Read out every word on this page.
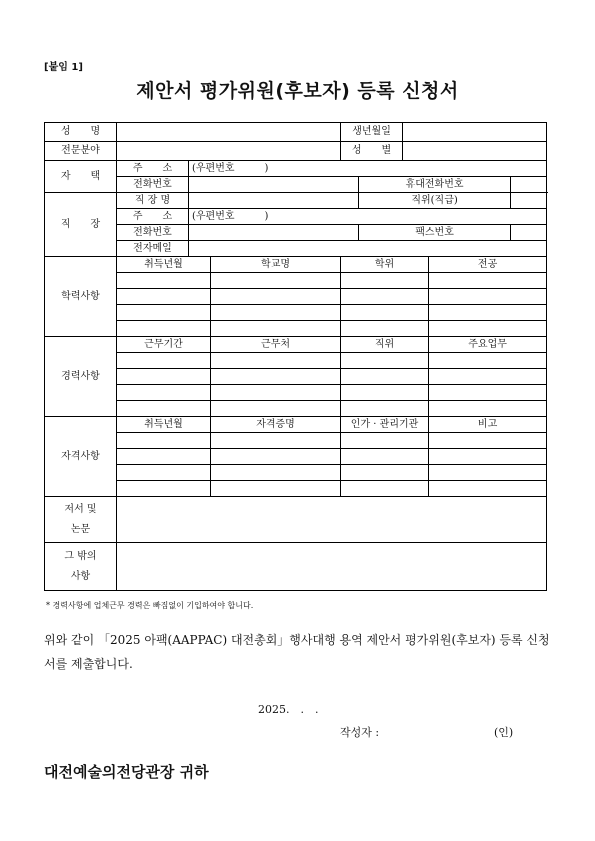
[붙임 1]
제안서 평가위원(후보자) 등록 신청서
성　　명				생년월일				
전문분야				성　　별				
자　　택	주　　소	(우편번호　　　)						
	전화번호				휴대전화번호			
직　　장	직 장 명				직위(직급)			
	주　　소	(우편번호　　　)						
	전화번호				팩스번호			
	전자메일							
학력사항	취득년월		학교명	학위			전공	

경력사항	근무기간		근무처	직위			주요업무	

자격사항	취득년월		자격증명	인가 · 관리기관			비고	

저서 및
논문								

그 밖의
사항								

* 경력사항에 업체근무 경력은 빠짐없이 기입하여야 합니다.
위와 같이 「2025 아팩(AAPPAC) 대전총회」행사대행 용역 제안서 평가위원(후보자) 등록 신청서를 제출합니다.
2025.　.　.
작성자 :	(인)
대전예술의전당관장 귀하
